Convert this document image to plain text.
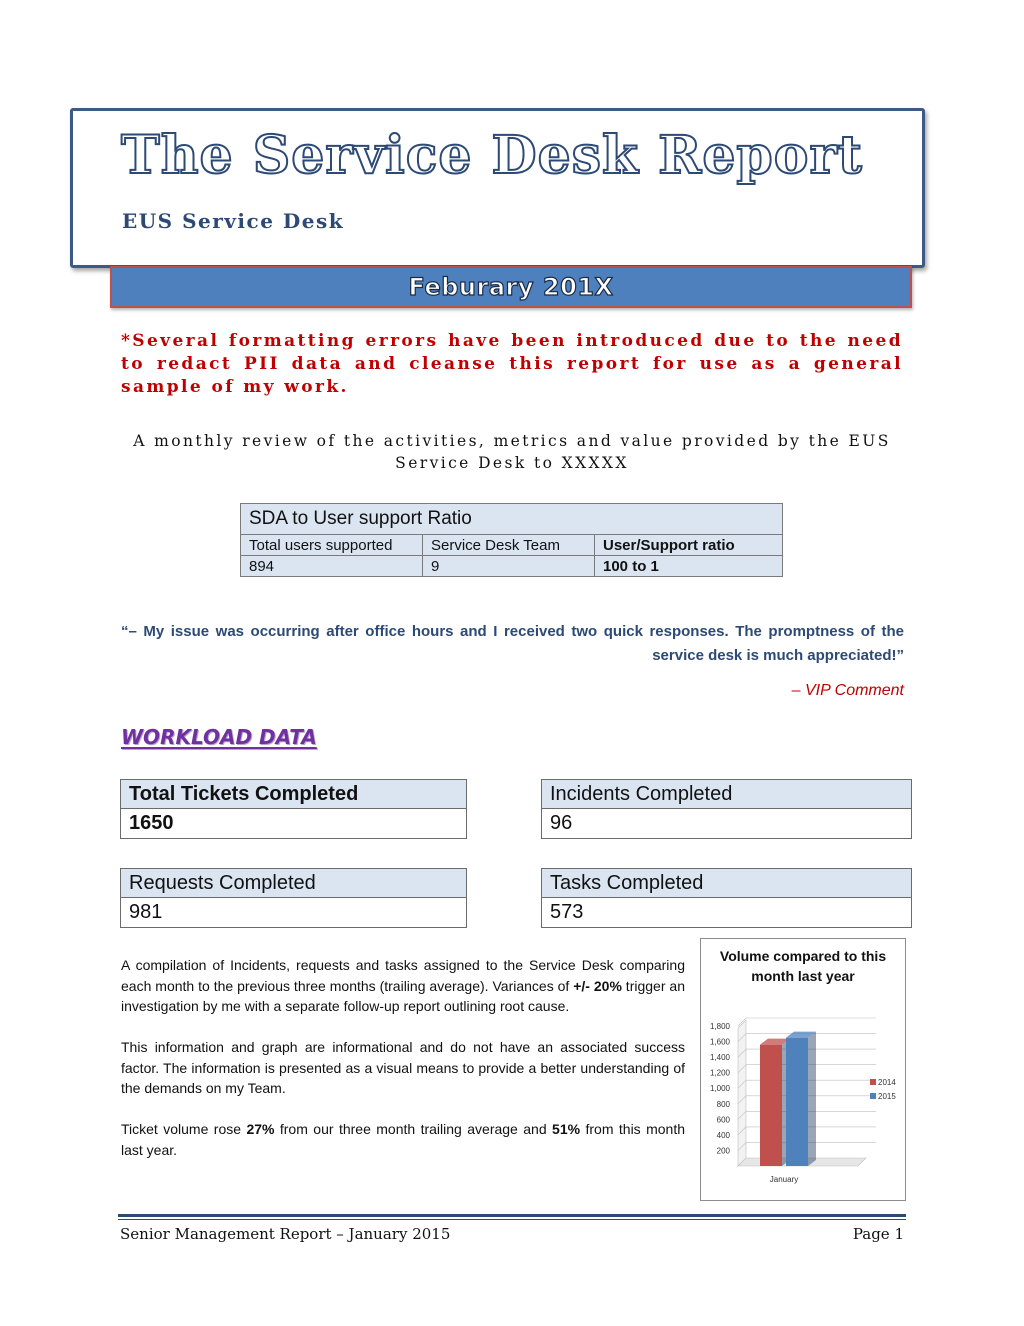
The Service Desk Report
EUS Service Desk
Feburary 201X
*Several formatting errors have been introduced due to the need to redact PII data and cleanse this report for use as a general sample of my work.
A monthly review of the activities, metrics and value provided by the EUS Service Desk to XXXXX
SDA to User support Ratio		
Total users supported	Service Desk Team	User/Support ratio
894	9	100 to 1
“– My issue was occurring after office hours and I received two quick responses. The promptness of the service desk is much appreciated!”
– VIP Comment
WORKLOAD DATA
Total Tickets Completed
1650
Incidents Completed
96
Requests Completed
981
Tasks Completed
573

A compilation of Incidents, requests and tasks assigned to the Service Desk comparing each month to the previous three months (trailing average). Variances of +/- 20% trigger an investigation by me with a separate follow-up report outlining root cause.

This information and graph are informational and do not have an associated success factor. The information is presented as a visual means to provide a better understanding of the demands on my Team.

Ticket volume rose 27% from our three month trailing average and 51% from this month last year.

Volume compared to this month last year
200
400
600
800
1,000
1,200
1,400
1,600
1,800
2014
2015
January
Senior Management Report – January 2015	Page 1
